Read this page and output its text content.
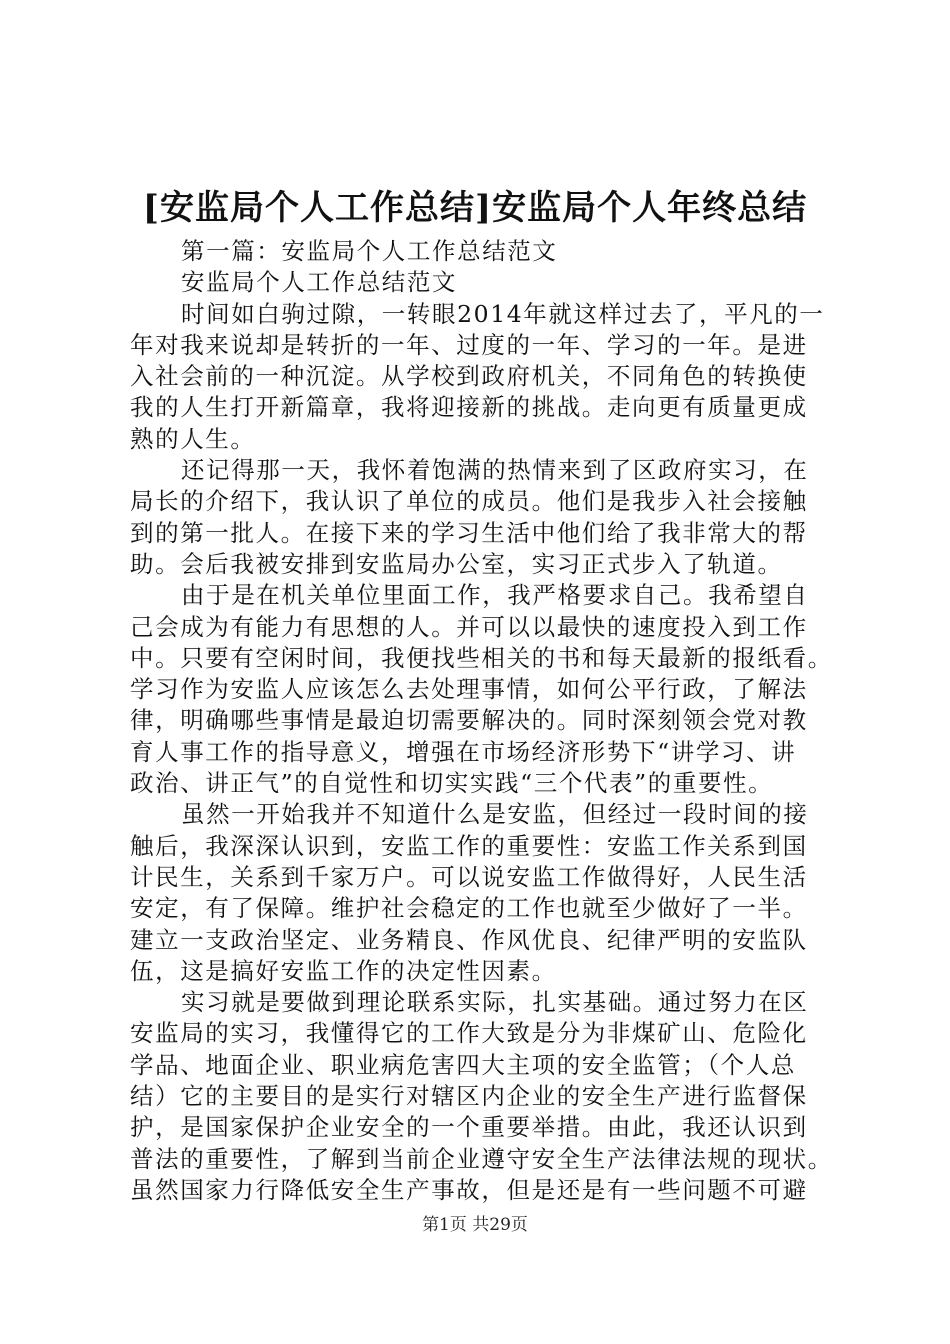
[安监局个人工作总结]安监局个人年终总结
第一篇：安监局个人工作总结范文
安监局个人工作总结范文
时间如白驹过隙，一转眼2014年就这样过去了，平凡的一
年对我来说却是转折的一年、过度的一年、学习的一年。是进
入社会前的一种沉淀。从学校到政府机关，不同角色的转换使
我的人生打开新篇章，我将迎接新的挑战。走向更有质量更成
熟的人生。
还记得那一天，我怀着饱满的热情来到了区政府实习，在
局长的介绍下，我认识了单位的成员。他们是我步入社会接触
到的第一批人。在接下来的学习生活中他们给了我非常大的帮
助。会后我被安排到安监局办公室，实习正式步入了轨道。
由于是在机关单位里面工作，我严格要求自己。我希望自
己会成为有能力有思想的人。并可以以最快的速度投入到工作
中。只要有空闲时间，我便找些相关的书和每天最新的报纸看。
学习作为安监人应该怎么去处理事情，如何公平行政，了解法
律，明确哪些事情是最迫切需要解决的。同时深刻领会党对教
育人事工作的指导意义，增强在市场经济形势下“讲学习、讲
政治、讲正气”的自觉性和切实实践“三个代表”的重要性。
虽然一开始我并不知道什么是安监，但经过一段时间的接
触后，我深深认识到，安监工作的重要性：安监工作关系到国
计民生，关系到千家万户。可以说安监工作做得好，人民生活
安定，有了保障。维护社会稳定的工作也就至少做好了一半。
建立一支政治坚定、业务精良、作风优良、纪律严明的安监队
伍，这是搞好安监工作的决定性因素。
实习就是要做到理论联系实际，扎实基础。通过努力在区
安监局的实习，我懂得它的工作大致是分为非煤矿山、危险化
学品、地面企业、职业病危害四大主项的安全监管；（个人总
结）它的主要目的是实行对辖区内企业的安全生产进行监督保
护，是国家保护企业安全的一个重要举措。由此，我还认识到
普法的重要性，了解到当前企业遵守安全生产法律法规的现状。
虽然国家力行降低安全生产事故，但是还是有一些问题不可避
第1页 共29页
